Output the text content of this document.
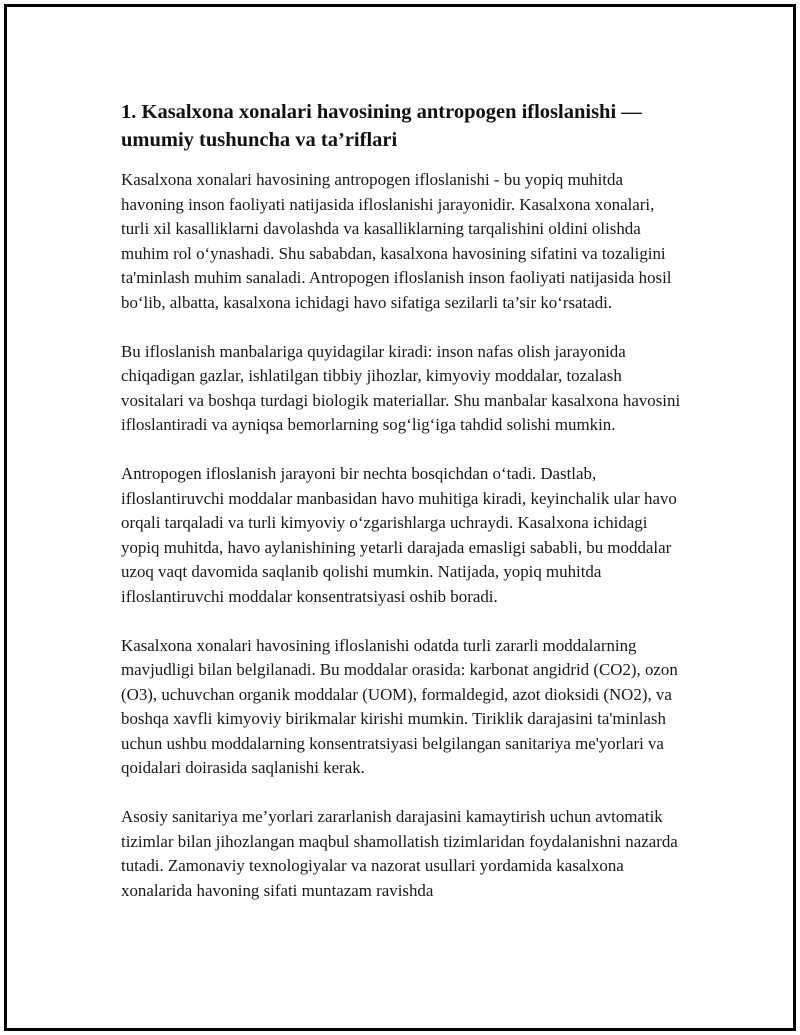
1. Kasalxona xonalari havosining antropogen ifloslanishi — umumiy tushuncha va ta’riflari

Kasalxona xonalari havosining antropogen ifloslanishi - bu yopiq muhitda havoning inson faoliyati natijasida ifloslanishi jarayonidir. Kasalxona xonalari, turli xil kasalliklarni davolashda va kasalliklarning tarqalishini oldini olishda muhim rol o‘ynashadi. Shu sababdan, kasalxona havosining sifatini va tozaligini ta'minlash muhim sanaladi. Antropogen ifloslanish inson faoliyati natijasida hosil bo‘lib, albatta, kasalxona ichidagi havo sifatiga sezilarli ta’sir ko‘rsatadi.

Bu ifloslanish manbalariga quyidagilar kiradi: inson nafas olish jarayonida chiqadigan gazlar, ishlatilgan tibbiy jihozlar, kimyoviy moddalar, tozalash vositalari va boshqa turdagi biologik materiallar. Shu manbalar kasalxona havosini ifloslantiradi va ayniqsa bemorlarning sog‘lig‘iga tahdid solishi mumkin.

Antropogen ifloslanish jarayoni bir nechta bosqichdan o‘tadi. Dastlab, ifloslantiruvchi moddalar manbasidan havo muhitiga kiradi, keyinchalik ular havo orqali tarqaladi va turli kimyoviy o‘zgarishlarga uchraydi. Kasalxona ichidagi yopiq muhitda, havo aylanishining yetarli darajada emasligi sababli, bu moddalar uzoq vaqt davomida saqlanib qolishi mumkin. Natijada, yopiq muhitda ifloslantiruvchi moddalar konsentratsiyasi oshib boradi.

Kasalxona xonalari havosining ifloslanishi odatda turli zararli moddalarning mavjudligi bilan belgilanadi. Bu moddalar orasida: karbonat angidrid (CO2), ozon (O3), uchuvchan organik moddalar (UOM), formaldegid, azot dioksidi (NO2), va boshqa xavfli kimyoviy birikmalar kirishi mumkin. Tiriklik darajasini ta'minlash uchun ushbu moddalarning konsentratsiyasi belgilangan sanitariya me'yorlari va qoidalari doirasida saqlanishi kerak.

Asosiy sanitariya me’yorlari zararlanish darajasini kamaytirish uchun avtomatik tizimlar bilan jihozlangan maqbul shamollatish tizimlaridan foydalanishni nazarda tutadi. Zamonaviy texnologiyalar va nazorat usullari yordamida kasalxona xonalarida havoning sifati muntazam ravishda
